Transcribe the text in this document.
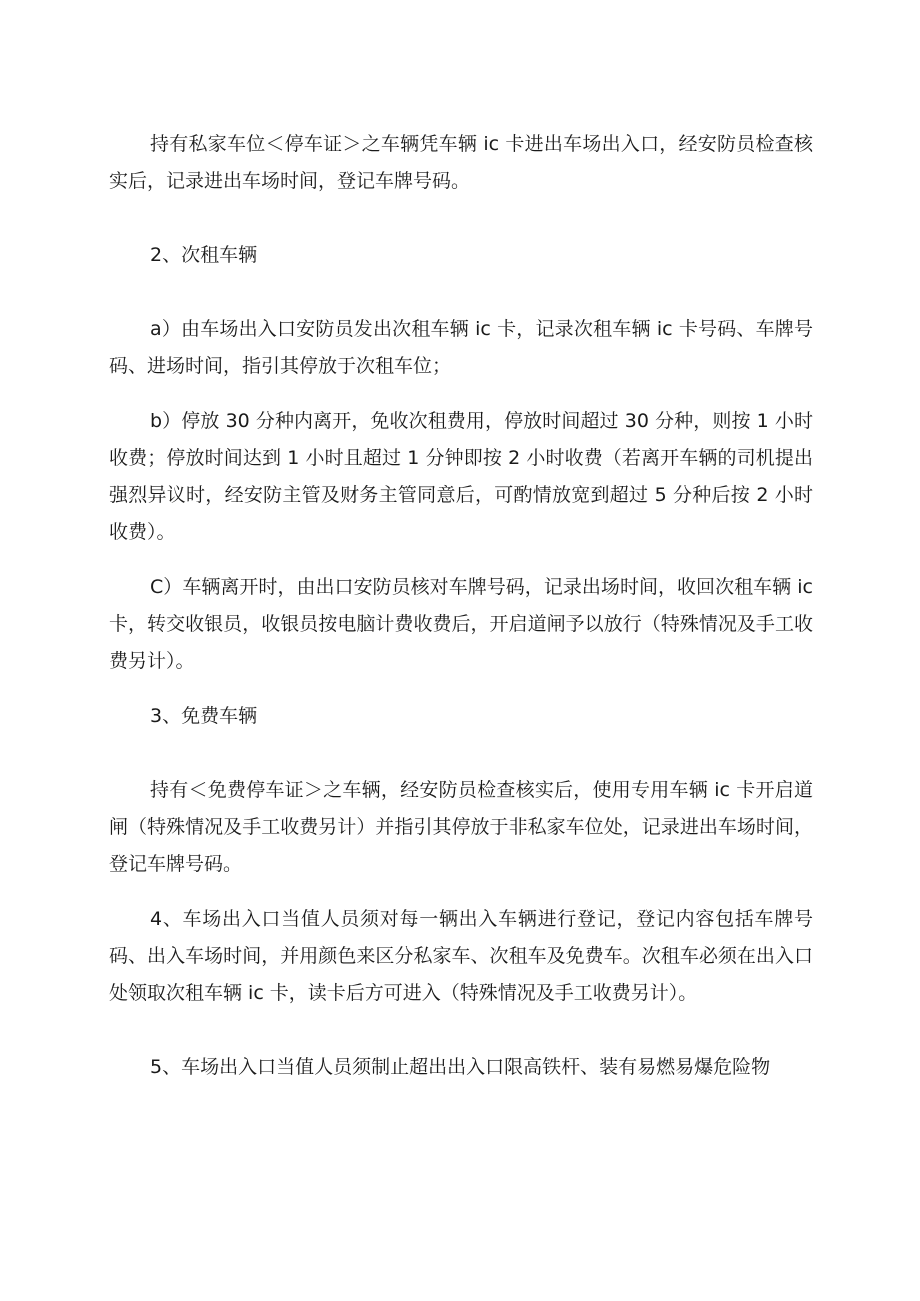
持有私家车位＜停车证＞之车辆凭车辆 ic 卡进出车场出入口，经安防员检查核实后，记录进出车场时间，登记车牌号码。

2、次租车辆

a）由车场出入口安防员发出次租车辆 ic 卡，记录次租车辆 ic 卡号码、车牌号码、进场时间，指引其停放于次租车位；

b）停放 30 分种内离开，免收次租费用，停放时间超过 30 分种，则按 1 小时收费；停放时间达到 1 小时且超过 1 分钟即按 2 小时收费（若离开车辆的司机提出强烈异议时，经安防主管及财务主管同意后，可酌情放宽到超过 5 分种后按 2 小时收费）。

C）车辆离开时，由出口安防员核对车牌号码，记录出场时间，收回次租车辆 ic 卡，转交收银员，收银员按电脑计费收费后，开启道闸予以放行（特殊情况及手工收费另计）。

3、免费车辆

持有＜免费停车证＞之车辆，经安防员检查核实后，使用专用车辆 ic 卡开启道闸（特殊情况及手工收费另计）并指引其停放于非私家车位处，记录进出车场时间，登记车牌号码。

4、车场出入口当值人员须对每一辆出入车辆进行登记，登记内容包括车牌号码、出入车场时间，并用颜色来区分私家车、次租车及免费车。次租车必须在出入口处领取次租车辆 ic 卡，读卡后方可进入（特殊情况及手工收费另计）。

5、车场出入口当值人员须制止超出出入口限高铁杆、装有易燃易爆危险物
